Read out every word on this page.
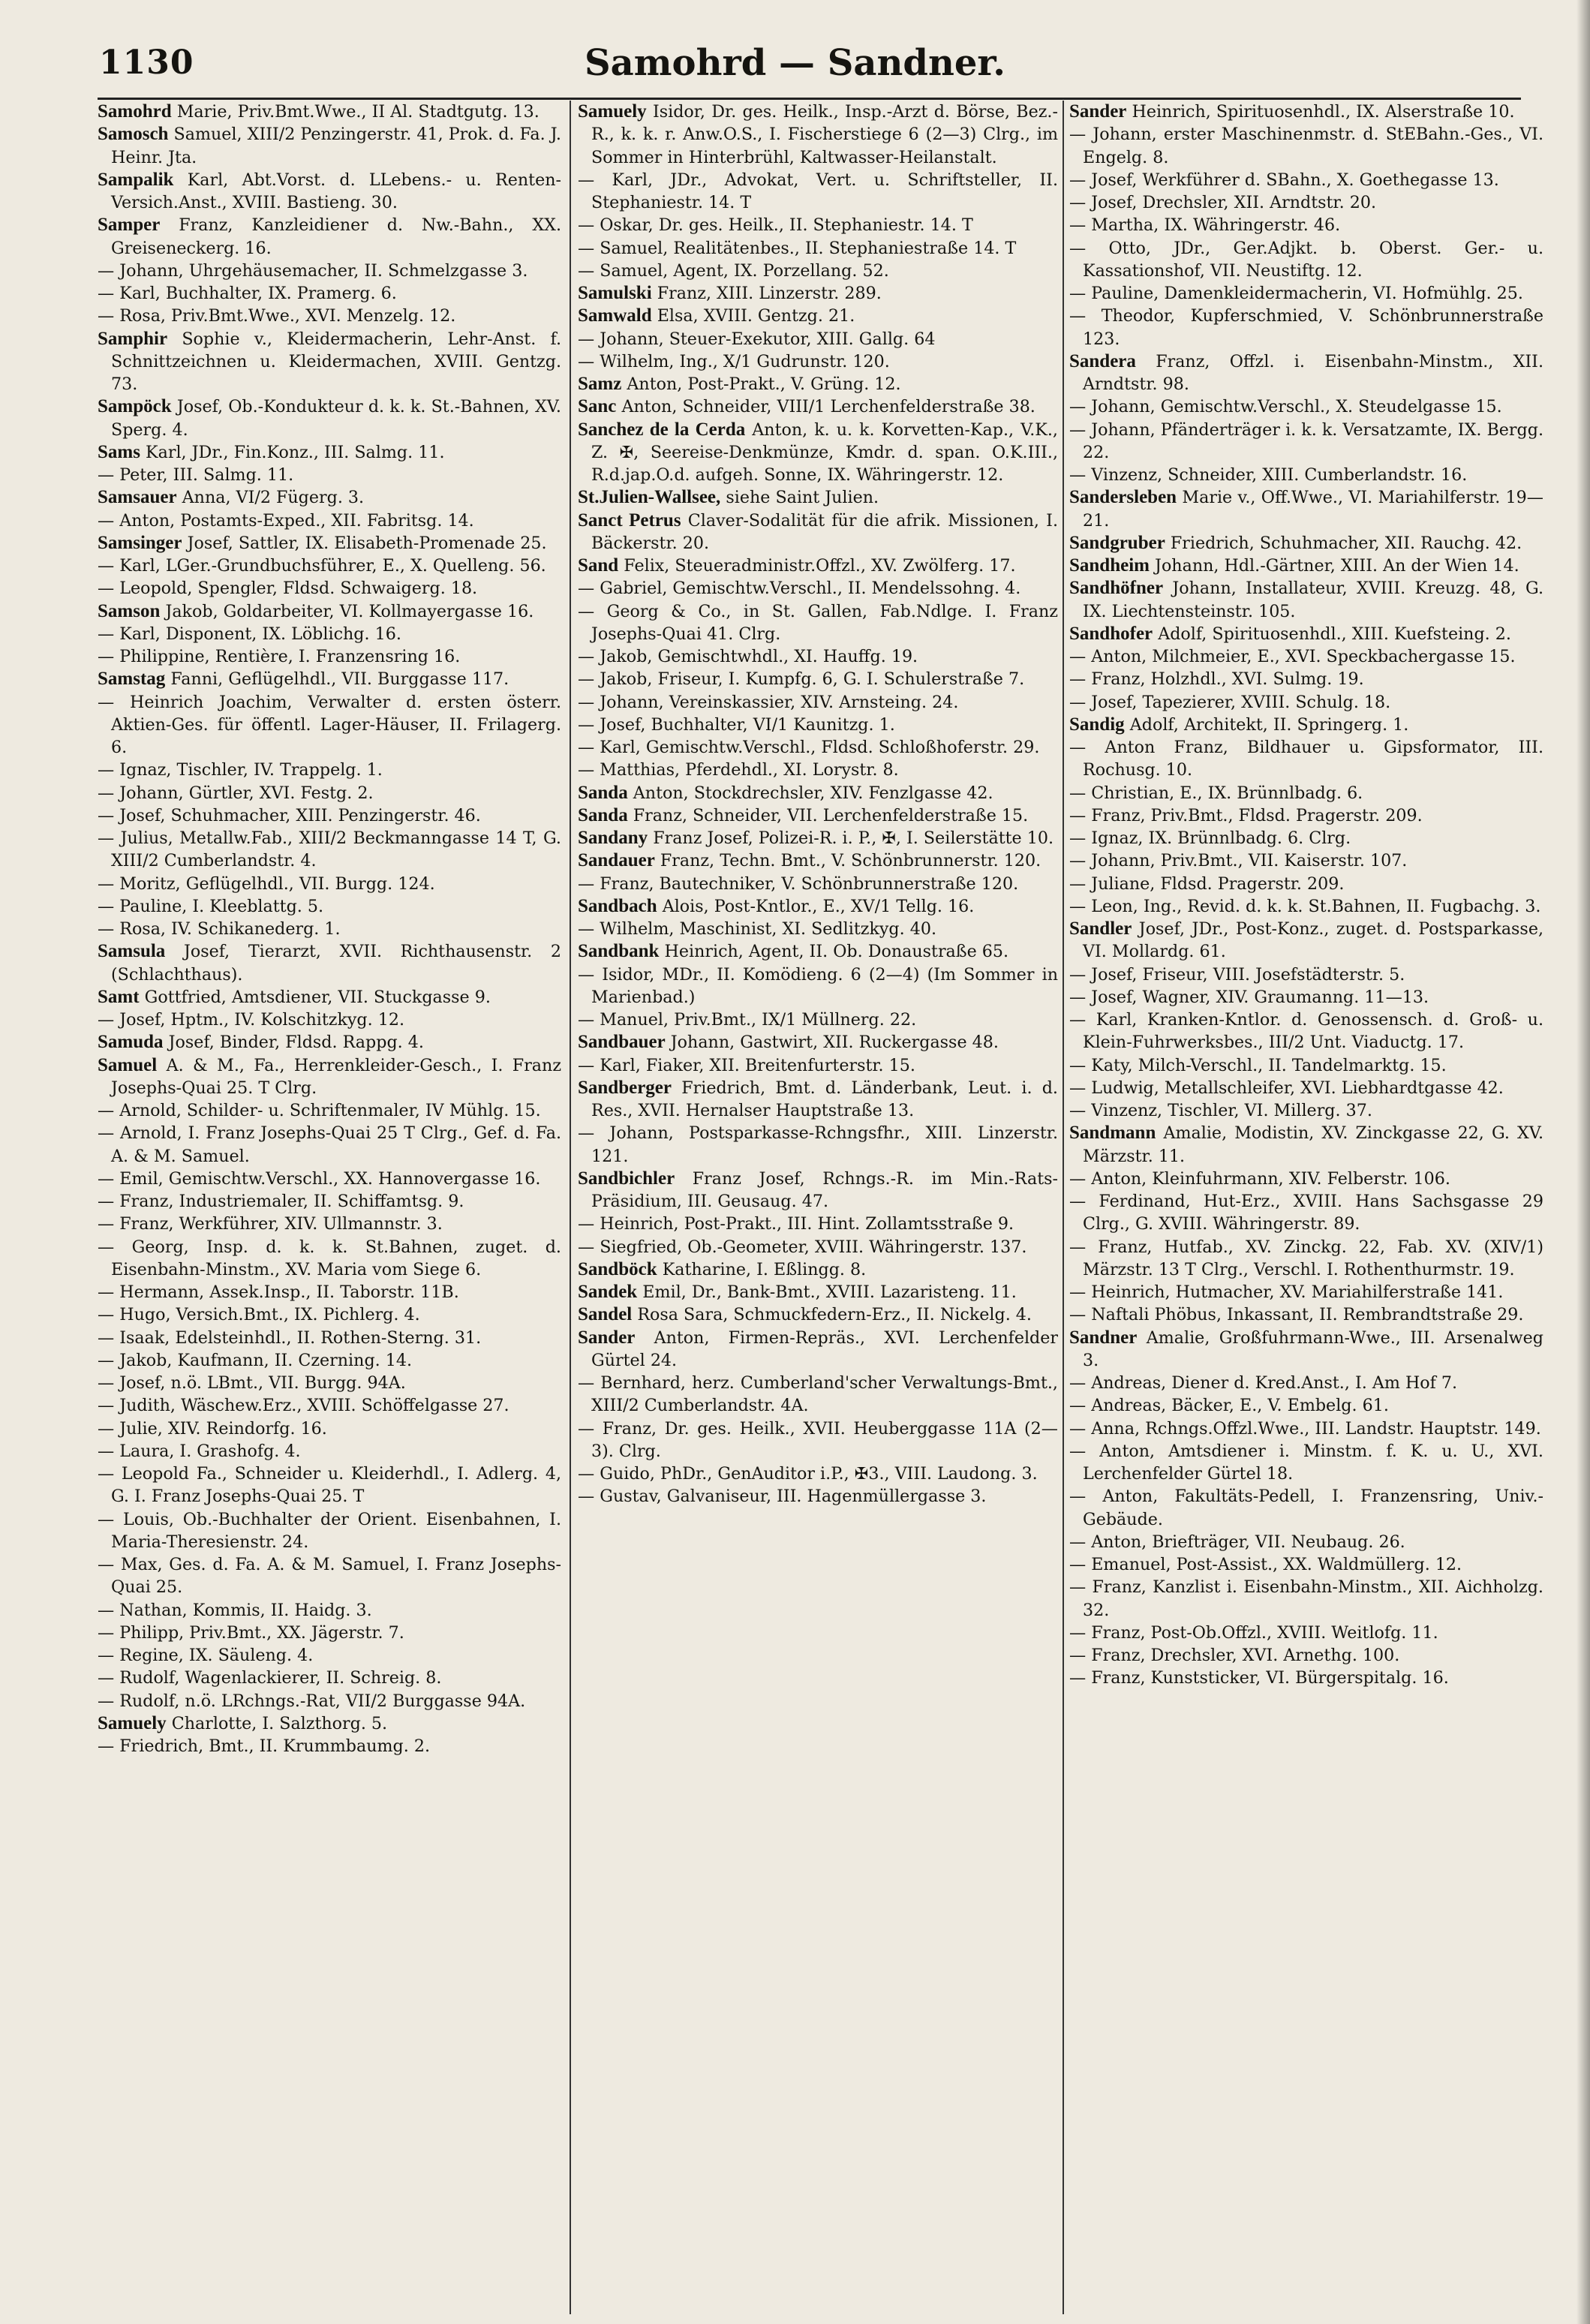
1130	Samohrd — Sandner.
Samohrd Marie, Priv.Bmt.Wwe., II Al. Stadtgutg. 13.
Samosch Samuel, XIII/2 Penzingerstr. 41, Prok. d. Fa. J. Heinr. Jta.
Sampalik Karl, Abt.Vorst. d. LLebens.- u. Renten-Versich.Anst., XVIII. Bastieng. 30.
Samper Franz, Kanzleidiener d. Nw.-Bahn., XX. Greiseneckerg. 16.
— Johann, Uhrgehäusemacher, II. Schmelzgasse 3.
— Karl, Buchhalter, IX. Pramerg. 6.
— Rosa, Priv.Bmt.Wwe., XVI. Menzelg. 12.
Samphir Sophie v., Kleidermacherin, Lehr-Anst. f. Schnittzeichnen u. Kleidermachen, XVIII. Gentzg. 73.
Sampöck Josef, Ob.-Kondukteur d. k. k. St.-Bahnen, XV. Sperg. 4.
Sams Karl, JDr., Fin.Konz., III. Salmg. 11.
— Peter, III. Salmg. 11.
Samsauer Anna, VI/2 Fügerg. 3.
— Anton, Postamts-Exped., XII. Fabritsg. 14.
Samsinger Josef, Sattler, IX. Elisabeth-Promenade 25.
— Karl, LGer.-Grundbuchsführer, E., X. Quelleng. 56.
— Leopold, Spengler, Fldsd. Schwaigerg. 18.
Samson Jakob, Goldarbeiter, VI. Kollmayergasse 16.
— Karl, Disponent, IX. Löblichg. 16.
— Philippine, Rentière, I. Franzensring 16.
Samstag Fanni, Geflügelhdl., VII. Burggasse 117.
— Heinrich Joachim, Verwalter d. ersten österr. Aktien-Ges. für öffentl. Lager-Häuser, II. Frilagerg. 6.
— Ignaz, Tischler, IV. Trappelg. 1.
— Johann, Gürtler, XVI. Festg. 2.
— Josef, Schuhmacher, XIII. Penzingerstr. 46.
— Julius, Metallw.Fab., XIII/2 Beckmanngasse 14 T, G. XIII/2 Cumberlandstr. 4.
— Moritz, Geflügelhdl., VII. Burgg. 124.
— Pauline, I. Kleeblattg. 5.
— Rosa, IV. Schikanederg. 1.
Samsula Josef, Tierarzt, XVII. Richthausenstr. 2 (Schlachthaus).
Samt Gottfried, Amtsdiener, VII. Stuckgasse 9.
— Josef, Hptm., IV. Kolschitzkyg. 12.
Samuda Josef, Binder, Fldsd. Rappg. 4.
Samuel A. & M., Fa., Herrenkleider-Gesch., I. Franz Josephs-Quai 25. T Clrg.
— Arnold, Schilder- u. Schriftenmaler, IV Mühlg. 15.
— Arnold, I. Franz Josephs-Quai 25 T Clrg., Gef. d. Fa. A. & M. Samuel.
— Emil, Gemischtw.Verschl., XX. Hannovergasse 16.
— Franz, Industriemaler, II. Schiffamtsg. 9.
— Franz, Werkführer, XIV. Ullmannstr. 3.
— Georg, Insp. d. k. k. St.Bahnen, zuget. d. Eisenbahn-Minstm., XV. Maria vom Siege 6.
— Hermann, Assek.Insp., II. Taborstr. 11B.
— Hugo, Versich.Bmt., IX. Pichlerg. 4.
— Isaak, Edelsteinhdl., II. Rothen-Sterng. 31.
— Jakob, Kaufmann, II. Czerning. 14.
— Josef, n.ö. LBmt., VII. Burgg. 94A.
— Judith, Wäschew.Erz., XVIII. Schöffelgasse 27.
— Julie, XIV. Reindorfg. 16.
— Laura, I. Grashofg. 4.
— Leopold Fa., Schneider u. Kleiderhdl., I. Adlerg. 4, G. I. Franz Josephs-Quai 25. T
— Louis, Ob.-Buchhalter der Orient. Eisenbahnen, I. Maria-Theresienstr. 24.
— Max, Ges. d. Fa. A. & M. Samuel, I. Franz Josephs-Quai 25.
— Nathan, Kommis, II. Haidg. 3.
— Philipp, Priv.Bmt., XX. Jägerstr. 7.
— Regine, IX. Säuleng. 4.
— Rudolf, Wagenlackierer, II. Schreig. 8.
— Rudolf, n.ö. LRchngs.-Rat, VII/2 Burggasse 94A.
Samuely Charlotte, I. Salzthorg. 5.
— Friedrich, Bmt., II. Krummbaumg. 2.
Samuely Isidor, Dr. ges. Heilk., Insp.-Arzt d. Börse, Bez.-R., k. k. r. Anw.O.S., I. Fischerstiege 6 (2—3) Clrg., im Sommer in Hinterbrühl, Kaltwasser-Heilanstalt.
— Karl, JDr., Advokat, Vert. u. Schriftsteller, II. Stephaniestr. 14. T
— Oskar, Dr. ges. Heilk., II. Stephaniestr. 14. T
— Samuel, Realitätenbes., II. Stephaniestraße 14. T
— Samuel, Agent, IX. Porzellang. 52.
Samulski Franz, XIII. Linzerstr. 289.
Samwald Elsa, XVIII. Gentzg. 21.
— Johann, Steuer-Exekutor, XIII. Gallg. 64
— Wilhelm, Ing., X/1 Gudrunstr. 120.
Samz Anton, Post-Prakt., V. Grüng. 12.
Sanc Anton, Schneider, VIII/1 Lerchenfelderstraße 38.
Sanchez de la Cerda Anton, k. u. k. Korvetten-Kap., V.K., Z. ✠, Seereise-Denkmünze, Kmdr. d. span. O.K.III., R.d.jap.O.d. aufgeh. Sonne, IX. Währingerstr. 12.
St.Julien-Wallsee, siehe Saint Julien.
Sanct Petrus Claver-Sodalität für die afrik. Missionen, I. Bäckerstr. 20.
Sand Felix, Steueradministr.Offzl., XV. Zwölferg. 17.
— Gabriel, Gemischtw.Verschl., II. Mendelssohng. 4.
— Georg & Co., in St. Gallen, Fab.Ndlge. I. Franz Josephs-Quai 41. Clrg.
— Jakob, Gemischtwhdl., XI. Hauffg. 19.
— Jakob, Friseur, I. Kumpfg. 6, G. I. Schulerstraße 7.
— Johann, Vereinskassier, XIV. Arnsteing. 24.
— Josef, Buchhalter, VI/1 Kaunitzg. 1.
— Karl, Gemischtw.Verschl., Fldsd. Schloßhoferstr. 29.
— Matthias, Pferdehdl., XI. Lorystr. 8.
Sanda Anton, Stockdrechsler, XIV. Fenzlgasse 42.
Sanda Franz, Schneider, VII. Lerchenfelderstraße 15.
Sandany Franz Josef, Polizei-R. i. P., ✠, I. Seilerstätte 10.
Sandauer Franz, Techn. Bmt., V. Schönbrunnerstr. 120.
— Franz, Bautechniker, V. Schönbrunnerstraße 120.
Sandbach Alois, Post-Kntlor., E., XV/1 Tellg. 16.
— Wilhelm, Maschinist, XI. Sedlitzkyg. 40.
Sandbank Heinrich, Agent, II. Ob. Donaustraße 65.
— Isidor, MDr., II. Komödieng. 6 (2—4) (Im Sommer in Marienbad.)
— Manuel, Priv.Bmt., IX/1 Müllnerg. 22.
Sandbauer Johann, Gastwirt, XII. Ruckergasse 48.
— Karl, Fiaker, XII. Breitenfurterstr. 15.
Sandberger Friedrich, Bmt. d. Länderbank, Leut. i. d. Res., XVII. Hernalser Hauptstraße 13.
— Johann, Postsparkasse-Rchngsfhr., XIII. Linzerstr. 121.
Sandbichler Franz Josef, Rchngs.-R. im Min.-Rats-Präsidium, III. Geusaug. 47.
— Heinrich, Post-Prakt., III. Hint. Zollamtsstraße 9.
— Siegfried, Ob.-Geometer, XVIII. Währingerstr. 137.
Sandböck Katharine, I. Eßlingg. 8.
Sandek Emil, Dr., Bank-Bmt., XVIII. Lazaristeng. 11.
Sandel Rosa Sara, Schmuckfedern-Erz., II. Nickelg. 4.
Sander Anton, Firmen-Repräs., XVI. Lerchenfelder Gürtel 24.
— Bernhard, herz. Cumberland'scher Verwaltungs-Bmt., XIII/2 Cumberlandstr. 4A.
— Franz, Dr. ges. Heilk., XVII. Heuberggasse 11A (2—3). Clrg.
— Guido, PhDr., GenAuditor i.P., ✠3., VIII. Laudong. 3.
— Gustav, Galvaniseur, III. Hagenmüllergasse 3.
Sander Heinrich, Spirituosenhdl., IX. Alserstraße 10.
— Johann, erster Maschinenmstr. d. StEBahn.-Ges., VI. Engelg. 8.
— Josef, Werkführer d. SBahn., X. Goethegasse 13.
— Josef, Drechsler, XII. Arndtstr. 20.
— Martha, IX. Währingerstr. 46.
— Otto, JDr., Ger.Adjkt. b. Oberst. Ger.- u. Kassationshof, VII. Neustiftg. 12.
— Pauline, Damenkleidermacherin, VI. Hofmühlg. 25.
— Theodor, Kupferschmied, V. Schönbrunnerstraße 123.
Sandera Franz, Offzl. i. Eisenbahn-Minstm., XII. Arndtstr. 98.
— Johann, Gemischtw.Verschl., X. Steudelgasse 15.
— Johann, Pfänderträger i. k. k. Versatzamte, IX. Bergg. 22.
— Vinzenz, Schneider, XIII. Cumberlandstr. 16.
Sandersleben Marie v., Off.Wwe., VI. Mariahilferstr. 19—21.
Sandgruber Friedrich, Schuhmacher, XII. Rauchg. 42.
Sandheim Johann, Hdl.-Gärtner, XIII. An der Wien 14.
Sandhöfner Johann, Installateur, XVIII. Kreuzg. 48, G. IX. Liechtensteinstr. 105.
Sandhofer Adolf, Spirituosenhdl., XIII. Kuefsteing. 2.
— Anton, Milchmeier, E., XVI. Speckbachergasse 15.
— Franz, Holzhdl., XVI. Sulmg. 19.
— Josef, Tapezierer, XVIII. Schulg. 18.
Sandig Adolf, Architekt, II. Springerg. 1.
— Anton Franz, Bildhauer u. Gipsformator, III. Rochusg. 10.
— Christian, E., IX. Brünnlbadg. 6.
— Franz, Priv.Bmt., Fldsd. Pragerstr. 209.
— Ignaz, IX. Brünnlbadg. 6. Clrg.
— Johann, Priv.Bmt., VII. Kaiserstr. 107.
— Juliane, Fldsd. Pragerstr. 209.
— Leon, Ing., Revid. d. k. k. St.Bahnen, II. Fugbachg. 3.
Sandler Josef, JDr., Post-Konz., zuget. d. Postsparkasse, VI. Mollardg. 61.
— Josef, Friseur, VIII. Josefstädterstr. 5.
— Josef, Wagner, XIV. Graumanng. 11—13.
— Karl, Kranken-Kntlor. d. Genossensch. d. Groß- u. Klein-Fuhrwerksbes., III/2 Unt. Viaductg. 17.
— Katy, Milch-Verschl., II. Tandelmarktg. 15.
— Ludwig, Metallschleifer, XVI. Liebhardtgasse 42.
— Vinzenz, Tischler, VI. Millerg. 37.
Sandmann Amalie, Modistin, XV. Zinckgasse 22, G. XV. Märzstr. 11.
— Anton, Kleinfuhrmann, XIV. Felberstr. 106.
— Ferdinand, Hut-Erz., XVIII. Hans Sachsgasse 29 Clrg., G. XVIII. Währingerstr. 89.
— Franz, Hutfab., XV. Zinckg. 22, Fab. XV. (XIV/1) Märzstr. 13 T Clrg., Verschl. I. Rothenthurmstr. 19.
— Heinrich, Hutmacher, XV. Mariahilferstraße 141.
— Naftali Phöbus, Inkassant, II. Rembrandtstraße 29.
Sandner Amalie, Großfuhrmann-Wwe., III. Arsenalweg 3.
— Andreas, Diener d. Kred.Anst., I. Am Hof 7.
— Andreas, Bäcker, E., V. Embelg. 61.
— Anna, Rchngs.Offzl.Wwe., III. Landstr. Hauptstr. 149.
— Anton, Amtsdiener i. Minstm. f. K. u. U., XVI. Lerchenfelder Gürtel 18.
— Anton, Fakultäts-Pedell, I. Franzensring, Univ.-Gebäude.
— Anton, Briefträger, VII. Neubaug. 26.
— Emanuel, Post-Assist., XX. Waldmüllerg. 12.
— Franz, Kanzlist i. Eisenbahn-Minstm., XII. Aichholzg. 32.
— Franz, Post-Ob.Offzl., XVIII. Weitlofg. 11.
— Franz, Drechsler, XVI. Arnethg. 100.
— Franz, Kunststicker, VI. Bürgerspitalg. 16.
